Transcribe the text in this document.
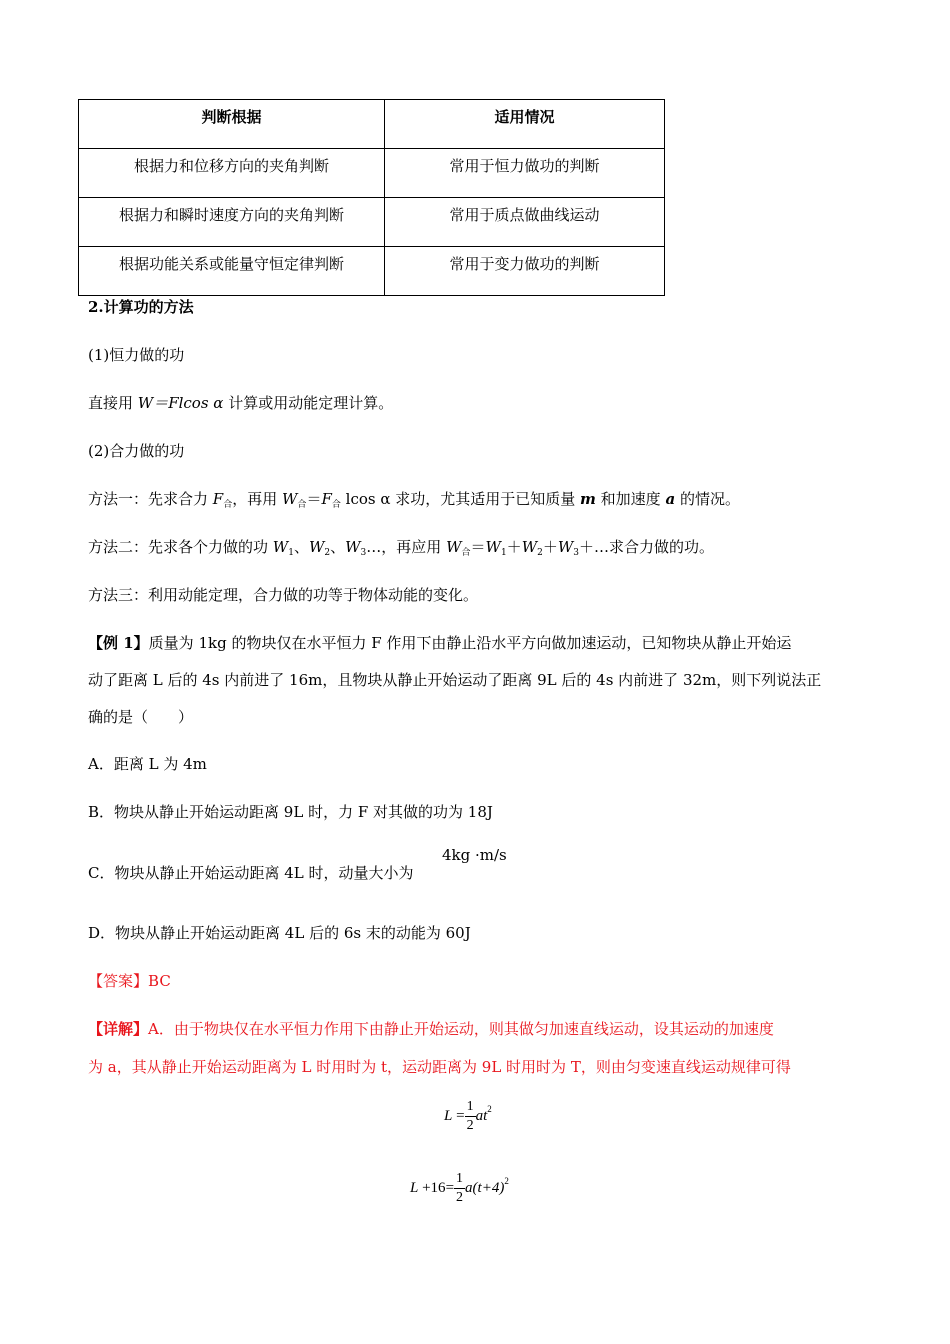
判断根据	适用情况
根据力和位移方向的夹角判断	常用于恒力做功的判断
根据力和瞬时速度方向的夹角判断	常用于质点做曲线运动
根据功能关系或能量守恒定律判断	常用于变力做功的判断
2.计算功的方法
(1)恒力做的功
直接用 W＝Flcos α 计算或用动能定理计算。
(2)合力做的功
方法一：先求合力 $F_合$，再用 $W_合=F_合$ lcos α 求功，尤其适用于已知质量 m 和加速度 a 的情况。
方法二：先求各个力做的功 $W_1$、$W_2$、$W_3\dots$，再应用 $W_合=W_1+W_2+W_3+\dots$求合力做的功。
方法三：利用动能定理，合力做的功等于物体动能的变化。
【例 1】质量为 1kg 的物块仅在水平恒力 F 作用下由静止沿水平方向做加速运动，已知物块从静止开始运
动了距离 L 后的 4s 内前进了 16m，且物块从静止开始运动了距离 9L 后的 4s 内前进了 32m，则下列说法正
确的是（　　）
A．距离 L 为 4m
B．物块从静止开始运动距离 9L 时，力 F 对其做的功为 18J
C．物块从静止开始运动距离 4L 时，动量大小为
4kg ·m/s
D．物块从静止开始运动距离 4L 后的 6s 末的动能为 60J
【答案】BC
【详解】A．由于物块仅在水平恒力作用下由静止开始运动，则其做匀加速直线运动，设其运动的加速度
为 a，其从静止开始运动距离为 L 时用时为 t，运动距离为 9L 时用时为 T，则由匀变速直线运动规律可得
$L = \frac{1}{2} at^2$
$L +16= \frac{1}{2} a(t+4)^2$
